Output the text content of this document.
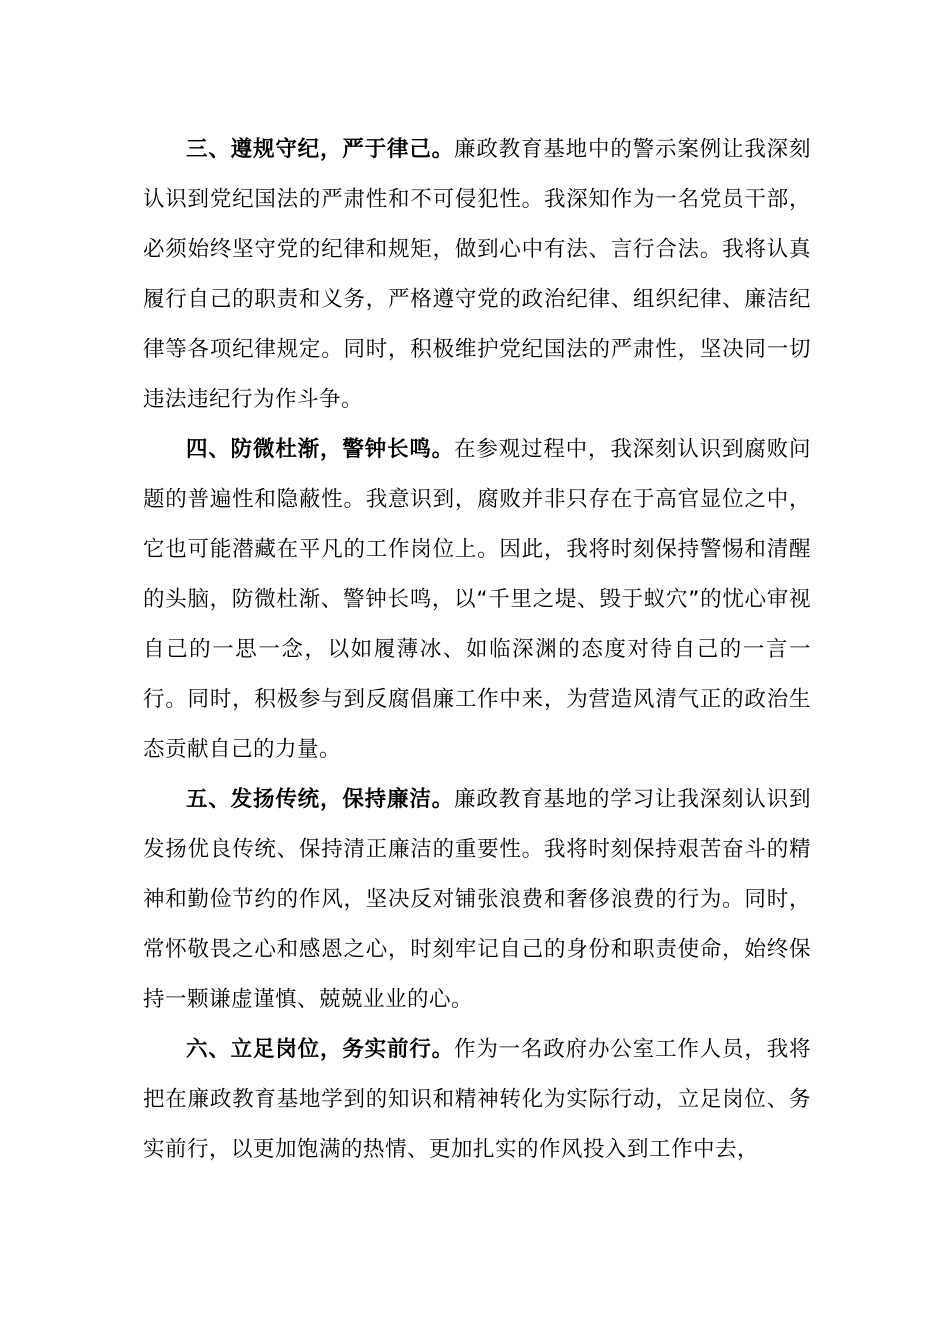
三、遵规守纪，严于律己。廉政教育基地中的警示案例让我深刻认识到党纪国法的严肃性和不可侵犯性。我深知作为一名党员干部，必须始终坚守党的纪律和规矩，做到心中有法、言行合法。我将认真履行自己的职责和义务，严格遵守党的政治纪律、组织纪律、廉洁纪律等各项纪律规定。同时，积极维护党纪国法的严肃性，坚决同一切违法违纪行为作斗争。

四、防微杜渐，警钟长鸣。在参观过程中，我深刻认识到腐败问题的普遍性和隐蔽性。我意识到，腐败并非只存在于高官显位之中，它也可能潜藏在平凡的工作岗位上。因此，我将时刻保持警惕和清醒的头脑，防微杜渐、警钟长鸣，以“千里之堤、毁于蚁穴”的忧心审视自己的一思一念，以如履薄冰、如临深渊的态度对待自己的一言一行。同时，积极参与到反腐倡廉工作中来，为营造风清气正的政治生态贡献自己的力量。

五、发扬传统，保持廉洁。廉政教育基地的学习让我深刻认识到发扬优良传统、保持清正廉洁的重要性。我将时刻保持艰苦奋斗的精神和勤俭节约的作风，坚决反对铺张浪费和奢侈浪费的行为。同时，常怀敬畏之心和感恩之心，时刻牢记自己的身份和职责使命，始终保持一颗谦虚谨慎、兢兢业业的心。

六、立足岗位，务实前行。作为一名政府办公室工作人员，我将把在廉政教育基地学到的知识和精神转化为实际行动，立足岗位、务实前行，以更加饱满的热情、更加扎实的作风投入到工作中去，
